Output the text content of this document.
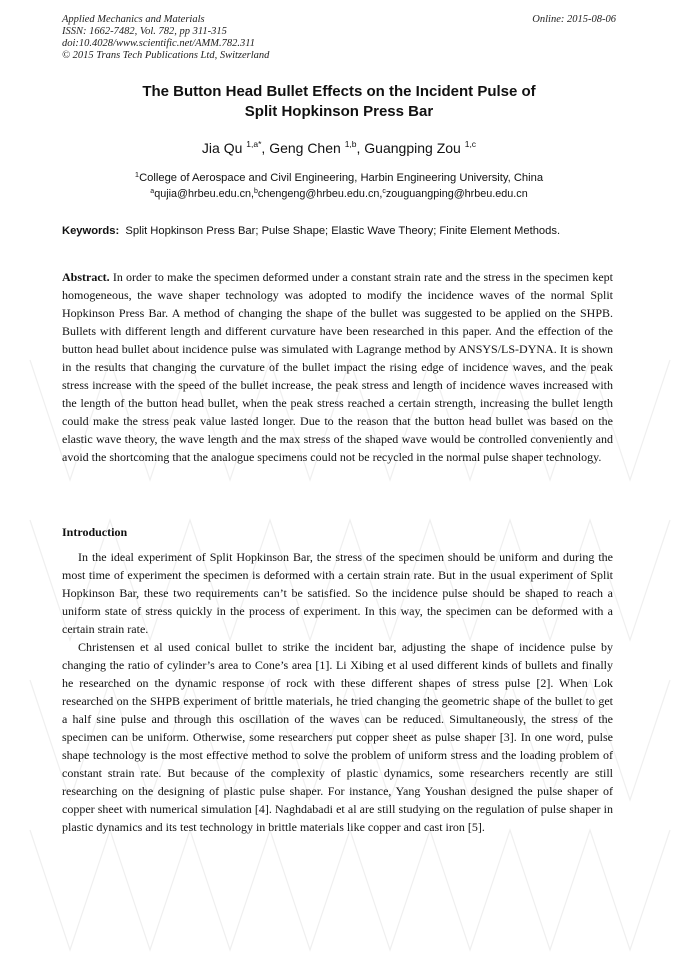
Applied Mechanics and Materials
ISSN: 1662-7482, Vol. 782, pp 311-315
doi:10.4028/www.scientific.net/AMM.782.311
© 2015 Trans Tech Publications Ltd, Switzerland
Online: 2015-08-06
The Button Head Bullet Effects on the Incident Pulse of
Split Hopkinson Press Bar
Jia Qu $^{1,a*}$, Geng Chen $^{1,b}$, Guangping Zou $^{1,c}$
$^1$College of Aerospace and Civil Engineering, Harbin Engineering University, China
$^a$qujia@hrbeu.edu.cn,$^b$chengeng@hrbeu.edu.cn,$^c$zouguangping@hrbeu.edu.cn
Keywords: Split Hopkinson Press Bar; Pulse Shape; Elastic Wave Theory; Finite Element Methods.
Abstract. In order to make the specimen deformed under a constant strain rate and the stress in the specimen kept homogeneous, the wave shaper technology was adopted to modify the incidence waves of the normal Split Hopkinson Press Bar. A method of changing the shape of the bullet was suggested to be applied on the SHPB. Bullets with different length and different curvature have been researched in this paper. And the effection of the button head bullet about incidence pulse was simulated with Lagrange method by ANSYS/LS-DYNA. It is shown in the results that changing the curvature of the bullet impact the rising edge of incidence waves, and the peak stress increase with the speed of the bullet increase, the peak stress and length of incidence waves increased with the length of the button head bullet, when the peak stress reached a certain strength, increasing the bullet length could make the stress peak value lasted longer. Due to the reason that the button head bullet was based on the elastic wave theory, the wave length and the max stress of the shaped wave would be controlled conveniently and avoid the shortcoming that the analogue specimens could not be recycled in the normal pulse shaper technology.
Introduction

In the ideal experiment of Split Hopkinson Bar, the stress of the specimen should be uniform and during the most time of experiment the specimen is deformed with a certain strain rate. But in the usual experiment of Split Hopkinson Bar, these two requirements can’t be satisfied. So the incidence pulse should be shaped to reach a uniform state of stress quickly in the process of experiment. In this way, the specimen can be deformed with a certain strain rate.

Christensen et al used conical bullet to strike the incident bar, adjusting the shape of incidence pulse by changing the ratio of cylinder’s area to Cone’s area [1]. Li Xibing et al used different kinds of bullets and finally he researched on the dynamic response of rock with these different shapes of stress pulse [2]. When Lok researched on the SHPB experiment of brittle materials, he tried changing the geometric shape of the bullet to get a half sine pulse and through this oscillation of the waves can be reduced. Simultaneously, the stress of the specimen can be uniform. Otherwise, some researchers put copper sheet as pulse shaper [3]. In one word, pulse shape technology is the most effective method to solve the problem of uniform stress and the loading problem of constant strain rate. But because of the complexity of plastic dynamics, some researchers recently are still researching on the designing of plastic pulse shaper. For instance, Yang Youshan designed the pulse shaper of copper sheet with numerical simulation [4]. Naghdabadi et al are still studying on the regulation of pulse shaper in plastic dynamics and its test technology in brittle materials like copper and cast iron [5].
